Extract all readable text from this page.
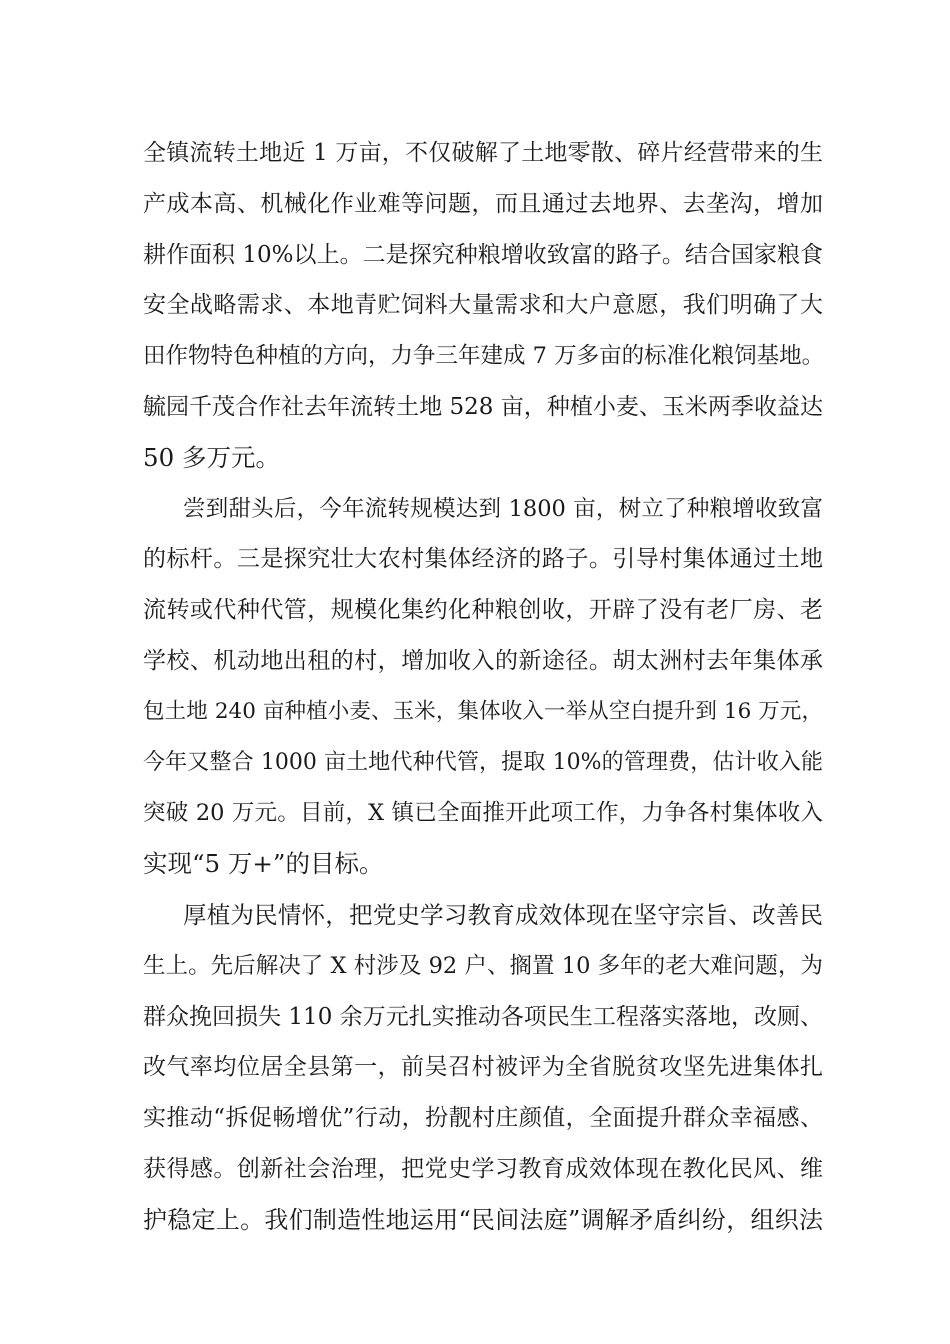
全镇流转土地近 1 万亩，不仅破解了土地零散、碎片经营带来的生
产成本高、机械化作业难等问题，而且通过去地界、去垄沟，增加
耕作面积 10%以上。二是探究种粮增收致富的路子。结合国家粮食
安全战略需求、本地青贮饲料大量需求和大户意愿，我们明确了大
田作物特色种植的方向，力争三年建成 7 万多亩的标准化粮饲基地。
毓园千茂合作社去年流转土地 528 亩，种植小麦、玉米两季收益达
50 多万元。
尝到甜头后，今年流转规模达到 1800 亩，树立了种粮增收致富
的标杆。三是探究壮大农村集体经济的路子。引导村集体通过土地
流转或代种代管，规模化集约化种粮创收，开辟了没有老厂房、老
学校、机动地出租的村，增加收入的新途径。胡太洲村去年集体承
包土地 240 亩种植小麦、玉米，集体收入一举从空白提升到 16 万元，
今年又整合 1000 亩土地代种代管，提取 10%的管理费，估计收入能
突破 20 万元。目前，X 镇已全面推开此项工作，力争各村集体收入
实现“5 万+”的目标。
厚植为民情怀，把党史学习教育成效体现在坚守宗旨、改善民
生上。先后解决了 X 村涉及 92 户、搁置 10 多年的老大难问题，为
群众挽回损失 110 余万元扎实推动各项民生工程落实落地，改厕、
改气率均位居全县第一，前吴召村被评为全省脱贫攻坚先进集体扎
实推动“拆促畅增优”行动，扮靓村庄颜值，全面提升群众幸福感、
获得感。创新社会治理，把党史学习教育成效体现在教化民风、维
护稳定上。我们制造性地运用“民间法庭”调解矛盾纠纷，组织法
